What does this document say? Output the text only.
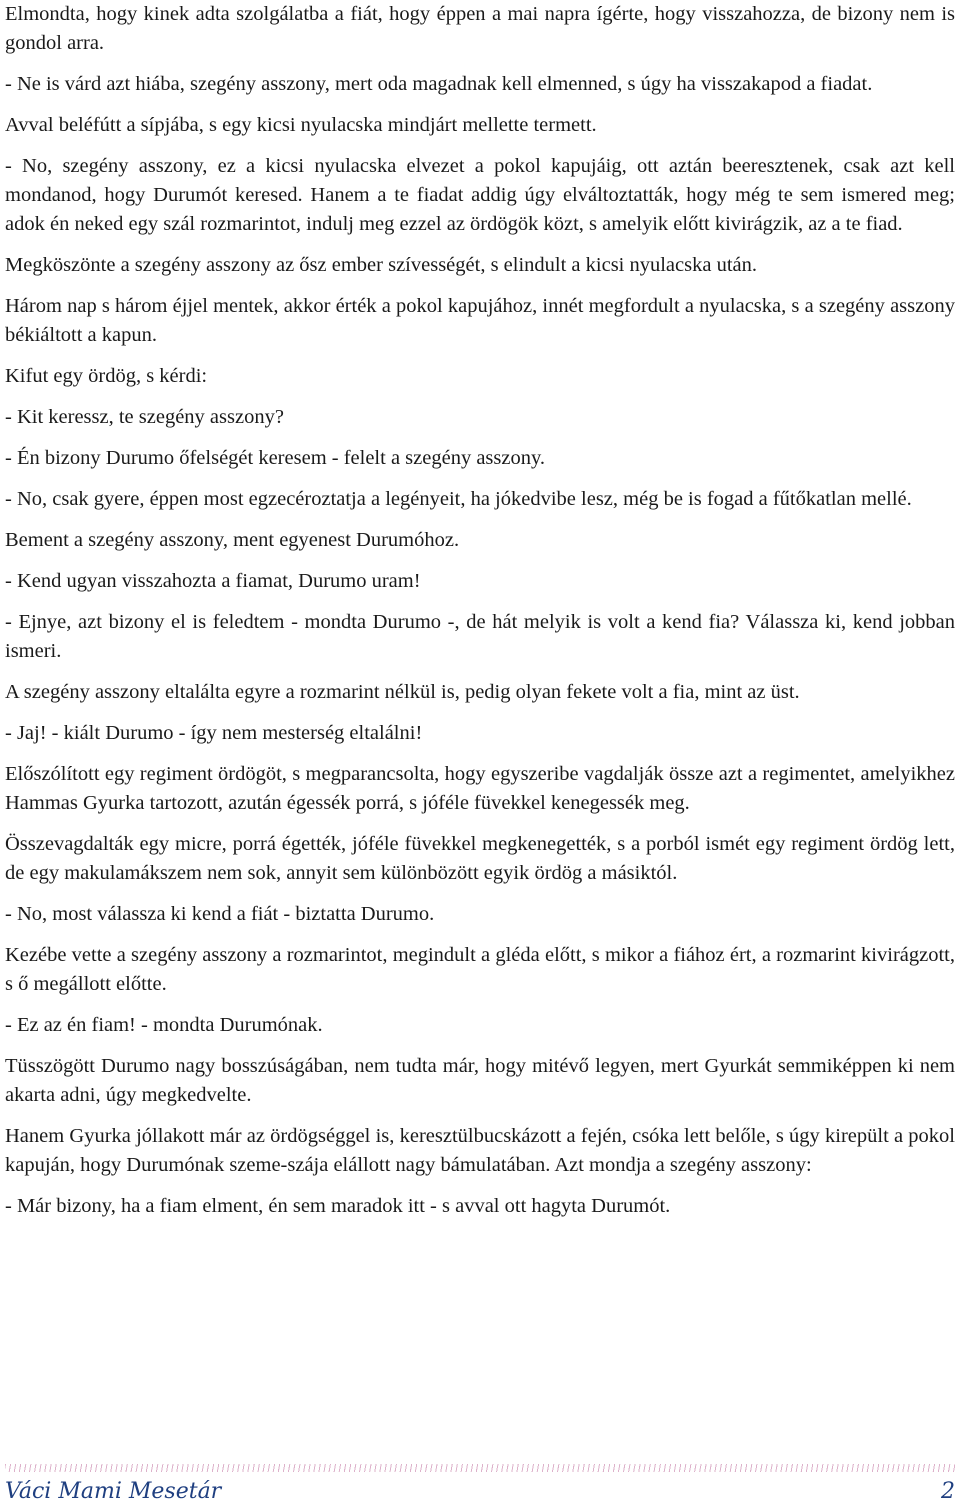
Elmondta, hogy kinek adta szolgálatba a fiát, hogy éppen a mai napra ígérte, hogy visszahozza, de bizony nem is gondol arra.

- Ne is várd azt hiába, szegény asszony, mert oda magadnak kell elmenned, s úgy ha visszakapod a fiadat.

Avval beléfútt a sípjába, s egy kicsi nyulacska mindjárt mellette termett.

- No, szegény asszony, ez a kicsi nyulacska elvezet a pokol kapujáig, ott aztán beeresztenek, csak azt kell mondanod, hogy Durumót keresed. Hanem a te fiadat addig úgy elváltoztatták, hogy még te sem ismered meg; adok én neked egy szál rozmarintot, indulj meg ezzel az ördögök közt, s amelyik előtt kivirágzik, az a te fiad.

Megköszönte a szegény asszony az ősz ember szívességét, s elindult a kicsi nyulacska után.

Három nap s három éjjel mentek, akkor érték a pokol kapujához, innét megfordult a nyulacska, s a szegény asszony békiáltott a kapun.

Kifut egy ördög, s kérdi:

- Kit keressz, te szegény asszony?

- Én bizony Durumo őfelségét keresem - felelt a szegény asszony.

- No, csak gyere, éppen most egzecéroztatja a legényeit, ha jókedvibe lesz, még be is fogad a fűtőkatlan mellé.

Bement a szegény asszony, ment egyenest Durumóhoz.

- Kend ugyan visszahozta a fiamat, Durumo uram!

- Ejnye, azt bizony el is feledtem - mondta Durumo -, de hát melyik is volt a kend fia? Válassza ki, kend jobban ismeri.

A szegény asszony eltalálta egyre a rozmarint nélkül is, pedig olyan fekete volt a fia, mint az üst.

- Jaj! - kiált Durumo - így nem mesterség eltalálni!

Előszólított egy regiment ördögöt, s megparancsolta, hogy egyszeribe vagdalják össze azt a regimentet, amelyikhez Hammas Gyurka tartozott, azután égessék porrá, s jóféle füvekkel kenegessék meg.

Összevagdalták egy micre, porrá égették, jóféle füvekkel megkenegették, s a porból ismét egy regiment ördög lett, de egy makulamákszem nem sok, annyit sem különbözött egyik ördög a másiktól.

- No, most válassza ki kend a fiát - biztatta Durumo.

Kezébe vette a szegény asszony a rozmarintot, megindult a gléda előtt, s mikor a fiához ért, a rozmarint kivirágzott, s ő megállott előtte.

- Ez az én fiam! - mondta Durumónak.

Tüsszögött Durumo nagy bosszúságában, nem tudta már, hogy mitévő legyen, mert Gyurkát semmiképpen ki nem akarta adni, úgy megkedvelte.

Hanem Gyurka jóllakott már az ördögséggel is, keresztülbucskázott a fején, csóka lett belőle, s úgy kirepült a pokol kapuján, hogy Durumónak szeme-szája elállott nagy bámulatában. Azt mondja a szegény asszony:

- Már bizony, ha a fiam elment, én sem maradok itt - s avval ott hagyta Durumót.

Váci Mami Mesetár	2
